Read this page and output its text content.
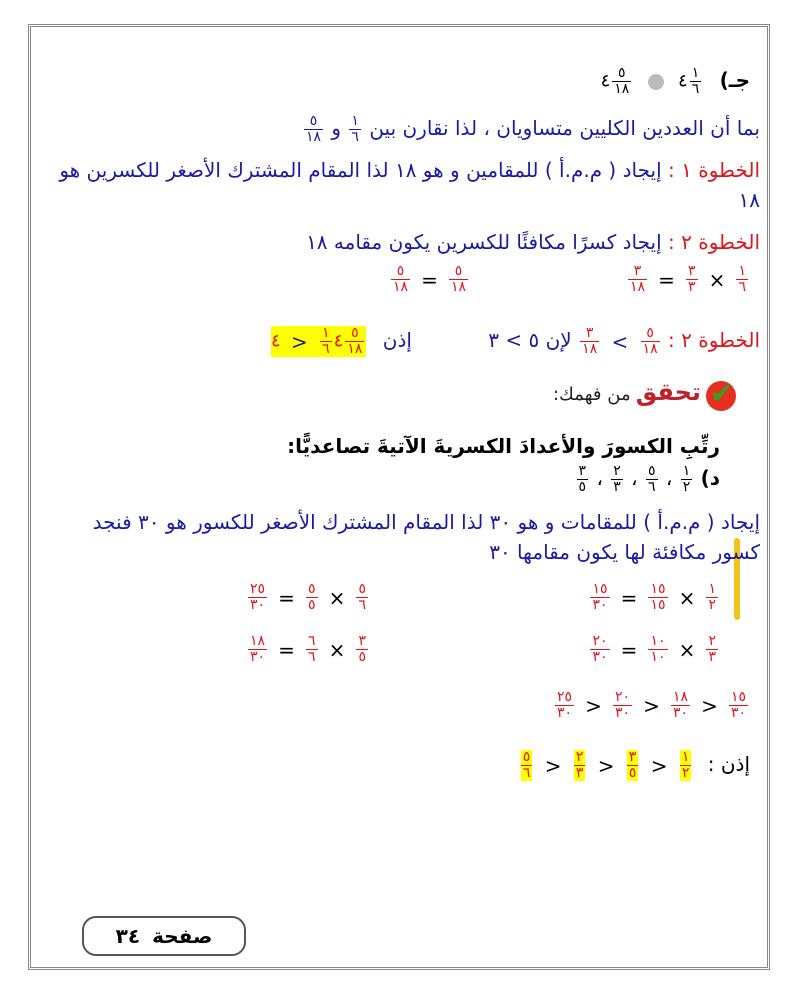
جـ)
$\frac{١}{٦}$
٤
$\frac{٥}{١٨}$
٤
بما أن العددين الكليين متساويان ، لذا نقارن بين
$\frac{١}{٦}$
و
$\frac{٥}{١٨}$
الخطوة ١ : إيجاد ( م.م.أ ) للمقامين و هو ١٨ لذا المقام المشترك الأصغر للكسرين هو
١٨
الخطوة ٢ : إيجاد كسرًا مكافئًا للكسرين يكون مقامه ١٨
$\frac{٣}{١٨} = \frac{٣}{٣} \times \frac{١}{٦}$
$\frac{٥}{١٨} = \frac{٥}{١٨}$
الخطوة ٢ :
$\frac{٣}{١٨} < \frac{٥}{١٨}$
لإن ٥ > ٣ إذن ٤
$\frac{١}{٦}$
< ٤	$\frac{٥}{١٨}$
✔ تحقق من فهمك:
رتِّبِ الكسورَ والأعدادَ الكسريةَ الآتيةَ تصاعديًّا:
د)
$\frac{١}{٢}$
،
$\frac{٥}{٦}$
،
$\frac{٢}{٣}$
،
$\frac{٣}{٥}$
إيجاد ( م.م.أ ) للمقامات و هو ٣٠ لذا المقام المشترك الأصغر للكسور هو ٣٠ فنجد
كسور مكافئة لها يكون مقامها ٣٠
$\frac{١٥}{٣٠} = \frac{١٥}{١٥} \times \frac{١}{٢}$
$\frac{٢٥}{٣٠} = \frac{٥}{٥} \times \frac{٥}{٦}$
$\frac{٢٠}{٣٠} = \frac{١٠}{١٠} \times \frac{٢}{٣}$
$\frac{١٨}{٣٠} = \frac{٦}{٦} \times \frac{٣}{٥}$
$\frac{٢٥}{٣٠} > \frac{٢٠}{٣٠} > \frac{١٨}{٣٠} > \frac{١٥}{٣٠}$
إذن :
$\frac{٥}{٦} > \frac{٢}{٣} > \frac{٣}{٥} > \frac{١}{٢}$
صفحة
٣٤
